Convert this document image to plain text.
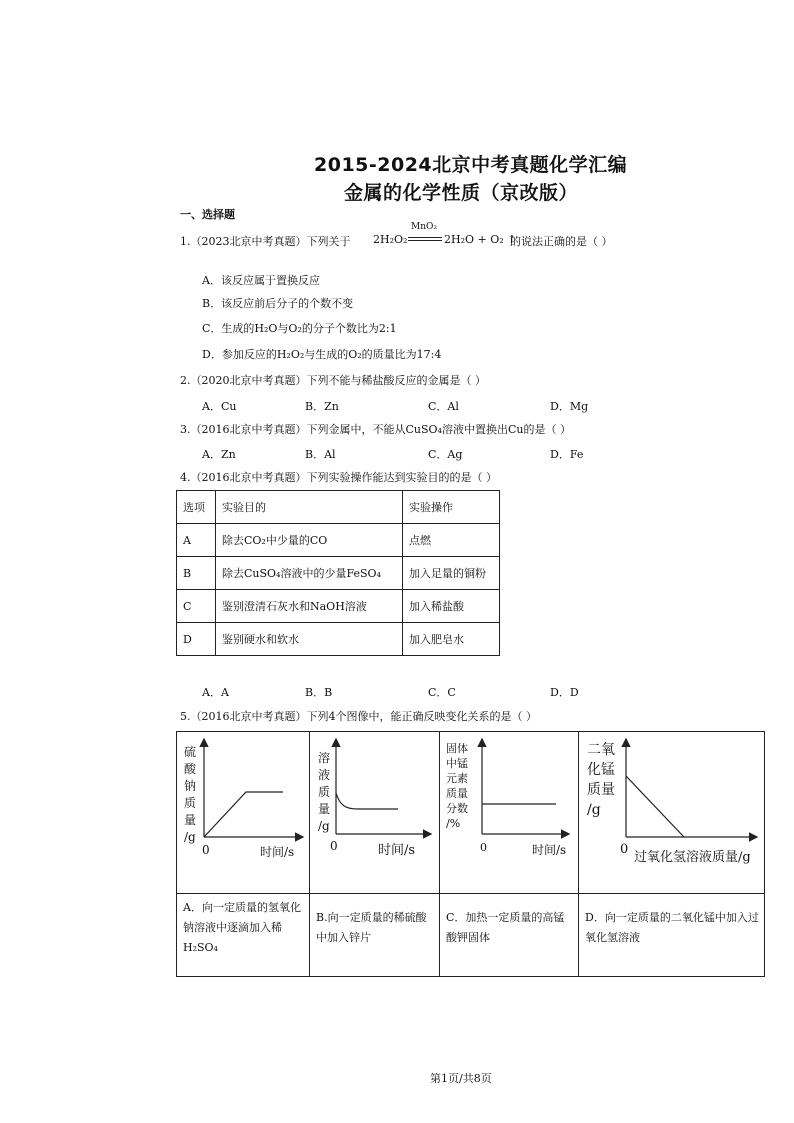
2015-2024北京中考真题化学汇编
金属的化学性质（京改版）
一、选择题
1.（2023北京中考真题）下列关于 2H₂O₂
MnO₂
2H₂O + O₂ ↑
的说法正确的是（ ）
A．该反应属于置换反应
B．该反应前后分子的个数不变
C．生成的H₂O与O₂的分子个数比为2:1
D．参加反应的H₂O₂与生成的O₂的质量比为17:4
2.（2020北京中考真题）下列不能与稀盐酸反应的金属是（ ）
A．Cu	B．Zn	C．Al	D．Mg
3.（2016北京中考真题）下列金属中，不能从CuSO₄溶液中置换出Cu的是（ ）
A．Zn	B．Al	C．Ag	D．Fe
4.（2016北京中考真题）下列实验操作能达到实验目的的是（ ）
选项	实验目的	实验操作
A	除去CO₂中少量的CO	点燃
B	除去CuSO₄溶液中的少量FeSO₄	加入足量的铜粉
C	鉴别澄清石灰水和NaOH溶液	加入稀盐酸
D	鉴别硬水和软水	加入肥皂水
A．A	B．B	C．C	D．D
5.（2016北京中考真题）下列4个图像中，能正确反映变化关系的是（ ）
硫
酸
钠
质
量
/g
0	时间/s
A．向一定质量的氢氧化钠溶液中逐滴加入稀H₂SO₄
溶
液
质
量
/g
0	时间/s
B.向一定质量的稀硫酸中加入锌片
固体
中锰
元素
质量
分数
/%
0	时间/s
C．加热一定质量的高锰酸钾固体
二氧
化锰
质量
/g
0
过氧化氢溶液质量/g
D．向一定质量的二氧化锰中加入过氧化氢溶液
第1页/共8页
